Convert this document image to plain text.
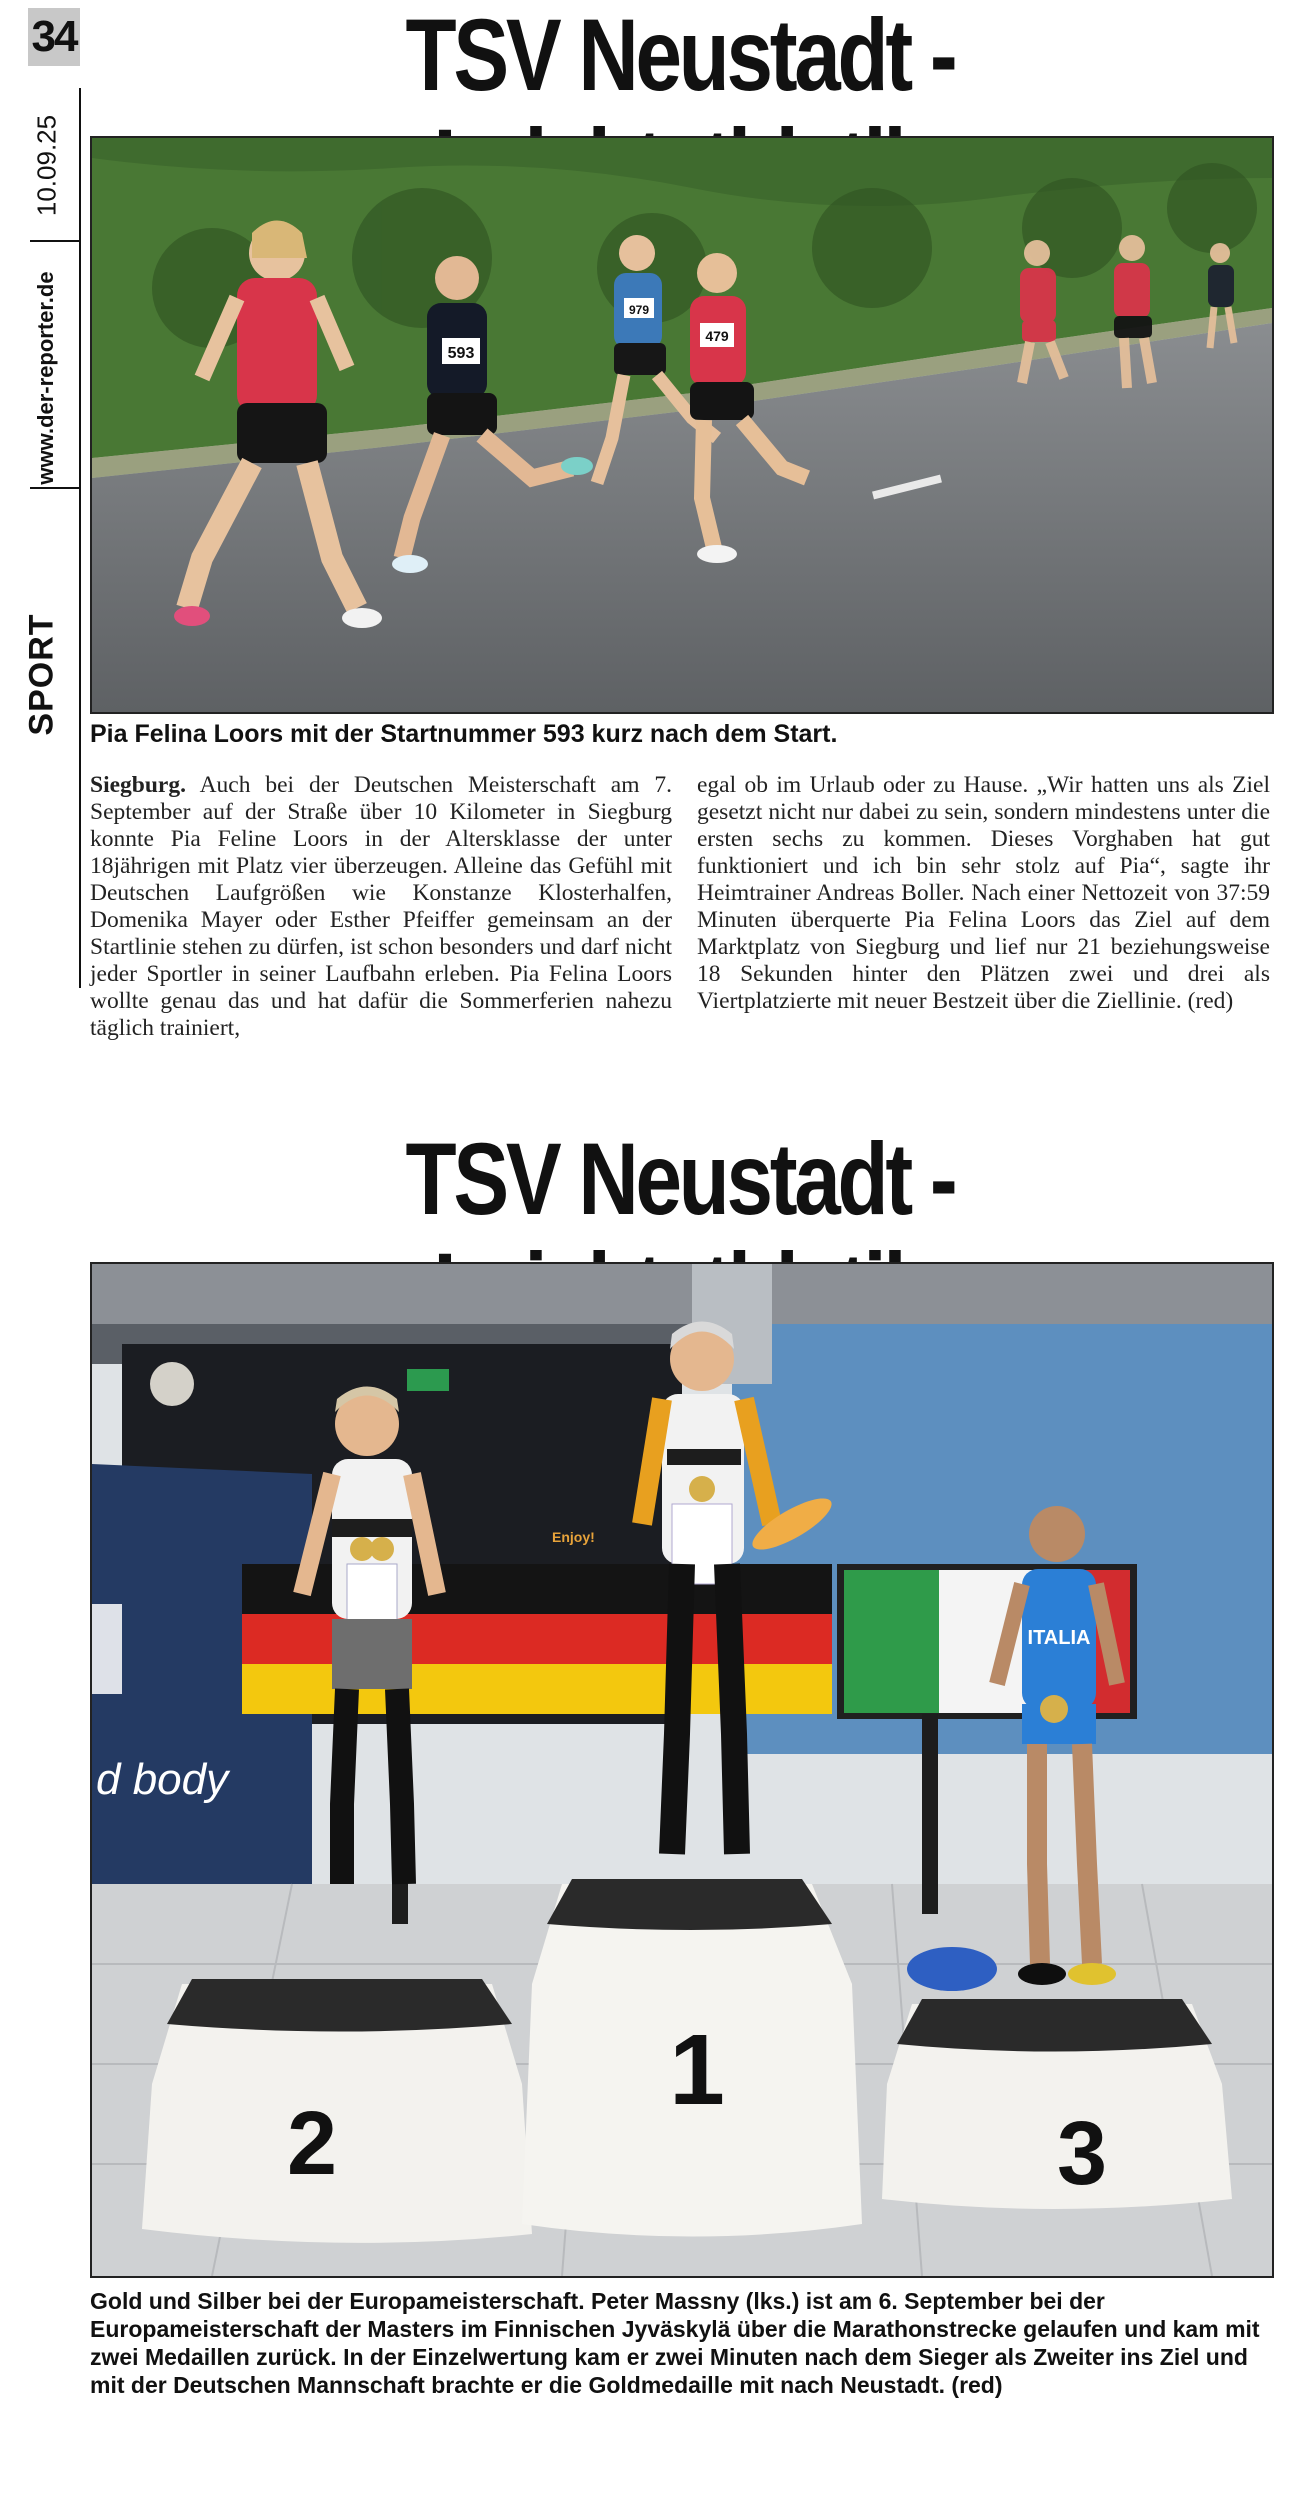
34
10.09.25
www.der-reporter.de
SPORT
TSV Neustadt -
593
979
479
Pia Felina Loors mit der Startnummer 593 kurz nach dem Start.
Siegburg. Auch bei der Deutschen Meisterschaft am 7. September auf der Straße über 10 Kilometer in Siegburg konnte Pia Feline Loors in der Altersklasse der unter 18jährigen mit Platz vier überzeugen. Alleine das Gefühl mit Deutschen Laufgrößen wie Konstanze Klosterhalfen, Domenika Mayer oder Esther Pfeiffer gemeinsam an der Startlinie stehen zu dürfen, ist schon besonders und darf nicht jeder Sportler in seiner Laufbahn erleben. Pia Felina Loors wollte genau das und hat dafür die Sommerferien nahezu täglich trainiert,
egal ob im Urlaub oder zu Hause. „Wir hatten uns als Ziel gesetzt nicht nur dabei zu sein, sondern mindestens unter die ersten sechs zu kommen. Dieses Vorghaben hat gut funktioniert und ich bin sehr stolz auf Pia“, sagte ihr Heimtrainer Andreas Boller. Nach einer Nettozeit von 37:59 Minuten überquerte Pia Felina Loors das Ziel auf dem Marktplatz von Siegburg und lief nur 21 beziehungsweise 18 Sekunden hinter den Plätzen zwei und drei als Viertplatzierte mit neuer Bestzeit über die Ziellinie. (red)
TSV Neustadt -
d body
Enjoy!
2
1
3
ITALIA
Gold und Silber bei der Europameisterschaft. Peter Massny (lks.) ist am 6. September bei der Europameisterschaft der Masters im Finnischen Jyväskylä über die Marathonstrecke gelaufen und kam mit zwei Medaillen zurück. In der Einzelwertung kam er zwei Minuten nach dem Sieger als Zweiter ins Ziel und mit der Deutschen Mannschaft brachte er die Goldmedaille mit nach Neustadt. (red)
